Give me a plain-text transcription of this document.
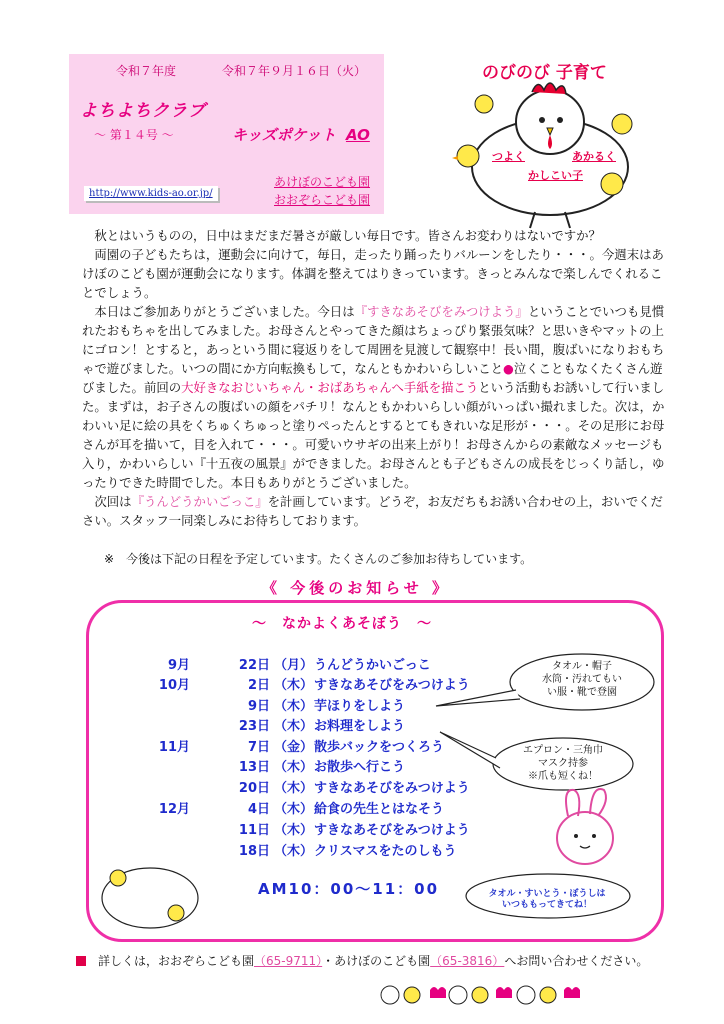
令和７年度	令和７年９月１６日（火）
よちよちクラブ
～ 第１４号 ～	キッズポケット AO
あけぼのこども園
おおぞらこども園
http://www.kids-ao.or.jp/
のびのび 子育て
つよく	あかるく
かしこい子

秋とはいうものの，日中はまだまだ暑さが厳しい毎日です。皆さんお変わりはないですか？

両園の子どもたちは，運動会に向けて，毎日，走ったり踊ったりバルーンをしたり・・・。今週末はあけぼのこども園が運動会になります。体調を整えてはりきっています。きっとみんなで楽しんでくれることでしょう。

本日はご参加ありがとうございました。今日は『すきなあそびをみつけよう』ということでいつも見慣れたおもちゃを出してみました。お母さんとやってきた顔はちょっぴり緊張気味？と思いきやマットの上にゴロン！とすると，あっという間に寝返りをして周囲を見渡して観察中！長い間，腹ばいになりおもちゃで遊びました。いつの間にか方向転換もして，なんともかわいらしいこと●泣くこともなくたくさん遊びました。前回の大好きなおじいちゃん・おばあちゃんへ手紙を描こうという活動もお誘いして行いました。まずは，お子さんの腹ばいの顔をパチリ！なんともかわいらしい顔がいっぱい撮れました。次は，かわいい足に絵の具をくちゅくちゅっと塗りぺったんとするとてもきれいな足形が・・・。その足形にお母さんが耳を描いて，目を入れて・・・。可愛いウサギの出来上がり！お母さんからの素敵なメッセージも入り，かわいらしい『十五夜の風景』ができました。お母さんとも子どもさんの成長をじっくり話し，ゆったりできた時間でした。本日もありがとうございました。

次回は『うんどうかいごっこ』を計画しています。どうぞ，お友だちもお誘い合わせの上，おいでください。スタッフ一同楽しみにお待ちしております。

※　今後は下記の日程を予定しています。たくさんのご参加お待ちしています。
《 今後のお知らせ 》
～　なかよくあそぼう　～
9月	22日 （月） うんどうかいごっこ
10月	2日 （木） すきなあそびをみつけよう
9日 （木） 芋ほりをしよう
23日 （木） お料理をしよう
11月	7日 （金） 散歩バックをつくろう
13日 （木） お散歩へ行こう
20日 （木） すきなあそびをみつけよう
12月	4日 （木） 給食の先生とはなそう
11日 （木） すきなあそびをみつけよう
18日 （木） クリスマスをたのしもう
AM10：00～11：00
タオル・帽子
水筒・汚れてもい
い服・靴で登園
エプロン・三角巾
マスク持参
※爪も短くね！
タオル・すいとう・ぼうしは
いつももってきてね！
詳しくは，おおぞらこども園（65-9711）・あけぼのこども園（65-3816）へお問い合わせください。
